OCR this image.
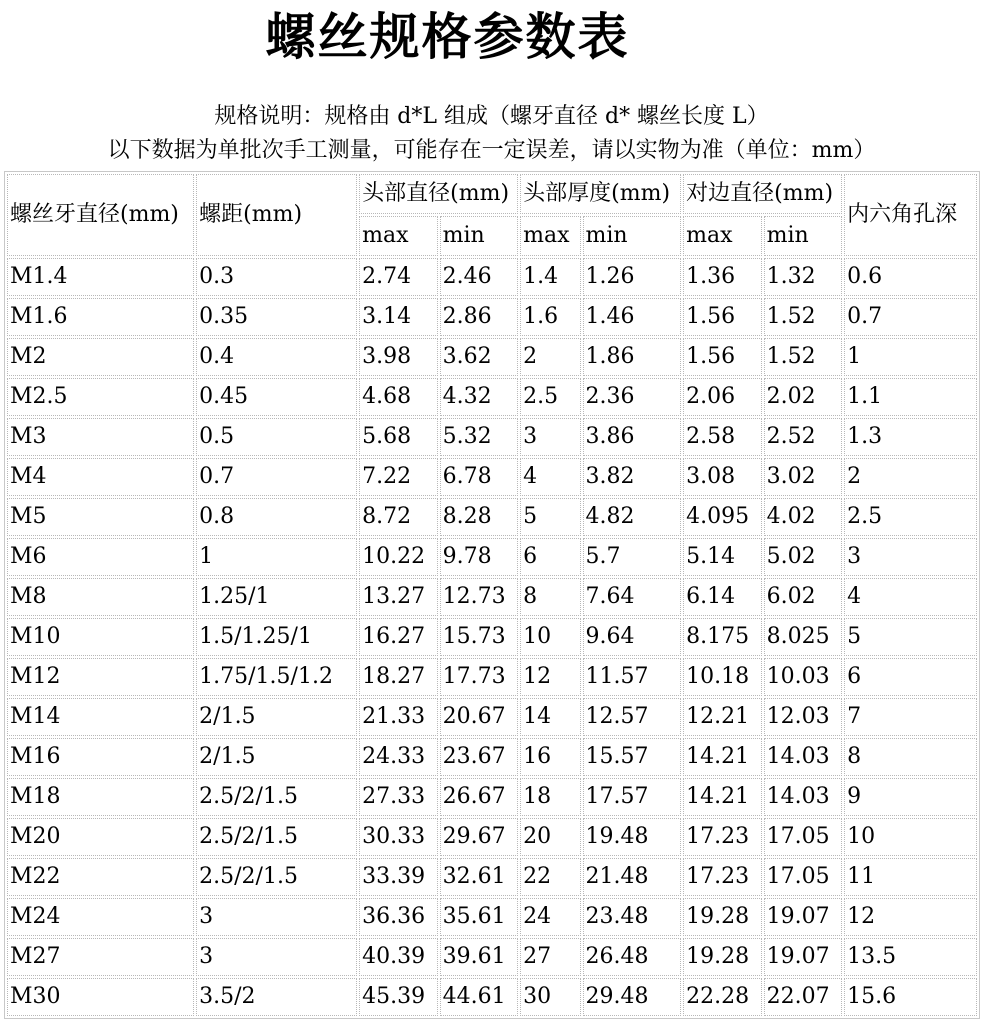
螺丝规格参数表
规格说明：规格由 d*L 组成（螺牙直径 d* 螺丝长度 L）
以下数据为单批次手工测量，可能存在一定误差，请以实物为准（单位：mm）
螺丝牙直径(mm)	螺距(mm)	头部直径(mm)		头部厚度(mm)		对边直径(mm)		内六角孔深
		max	min	max	min	max	min	
M1.4	0.3	2.74	2.46	1.4	1.26	1.36	1.32	0.6
M1.6	0.35	3.14	2.86	1.6	1.46	1.56	1.52	0.7
M2	0.4	3.98	3.62	2	1.86	1.56	1.52	1
M2.5	0.45	4.68	4.32	2.5	2.36	2.06	2.02	1.1
M3	0.5	5.68	5.32	3	3.86	2.58	2.52	1.3
M4	0.7	7.22	6.78	4	3.82	3.08	3.02	2
M5	0.8	8.72	8.28	5	4.82	4.095	4.02	2.5
M6	1	10.22	9.78	6	5.7	5.14	5.02	3
M8	1.25/1	13.27	12.73	8	7.64	6.14	6.02	4
M10	1.5/1.25/1	16.27	15.73	10	9.64	8.175	8.025	5
M12	1.75/1.5/1.2	18.27	17.73	12	11.57	10.18	10.03	6
M14	2/1.5	21.33	20.67	14	12.57	12.21	12.03	7
M16	2/1.5	24.33	23.67	16	15.57	14.21	14.03	8
M18	2.5/2/1.5	27.33	26.67	18	17.57	14.21	14.03	9
M20	2.5/2/1.5	30.33	29.67	20	19.48	17.23	17.05	10
M22	2.5/2/1.5	33.39	32.61	22	21.48	17.23	17.05	11
M24	3	36.36	35.61	24	23.48	19.28	19.07	12
M27	3	40.39	39.61	27	26.48	19.28	19.07	13.5
M30	3.5/2	45.39	44.61	30	29.48	22.28	22.07	15.6
